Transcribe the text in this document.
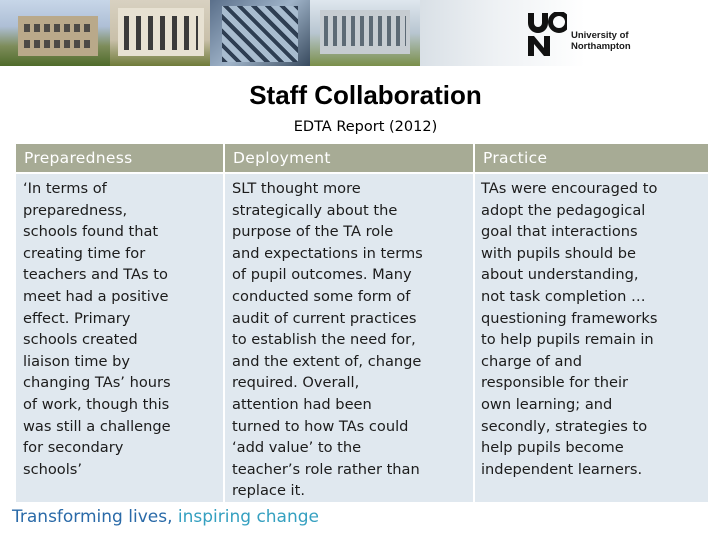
University of
Northampton
Staff Collaboration
EDTA Report (2012)
Preparedness
‘In terms of
preparedness,
schools found that
creating time for
teachers and TAs to
meet had a positive
effect. Primary
schools created
liaison time by
changing TAs’ hours
of work, though this
was still a challenge
for secondary
schools’
Deployment
SLT thought more
strategically about the
purpose of the TA role
and expectations in terms
of pupil outcomes. Many
conducted some form of
audit of current practices
to establish the need for,
and the extent of, change
required. Overall,
attention had been
turned to how TAs could
‘add value’ to the
teacher’s role rather than
replace it.
Practice
TAs were encouraged to
adopt the pedagogical
goal that interactions
with pupils should be
about understanding,
not task completion …
questioning frameworks
to help pupils remain in
charge of and
responsible for their
own learning; and
secondly, strategies to
help pupils become
independent learners.
Transforming lives, inspiring change
